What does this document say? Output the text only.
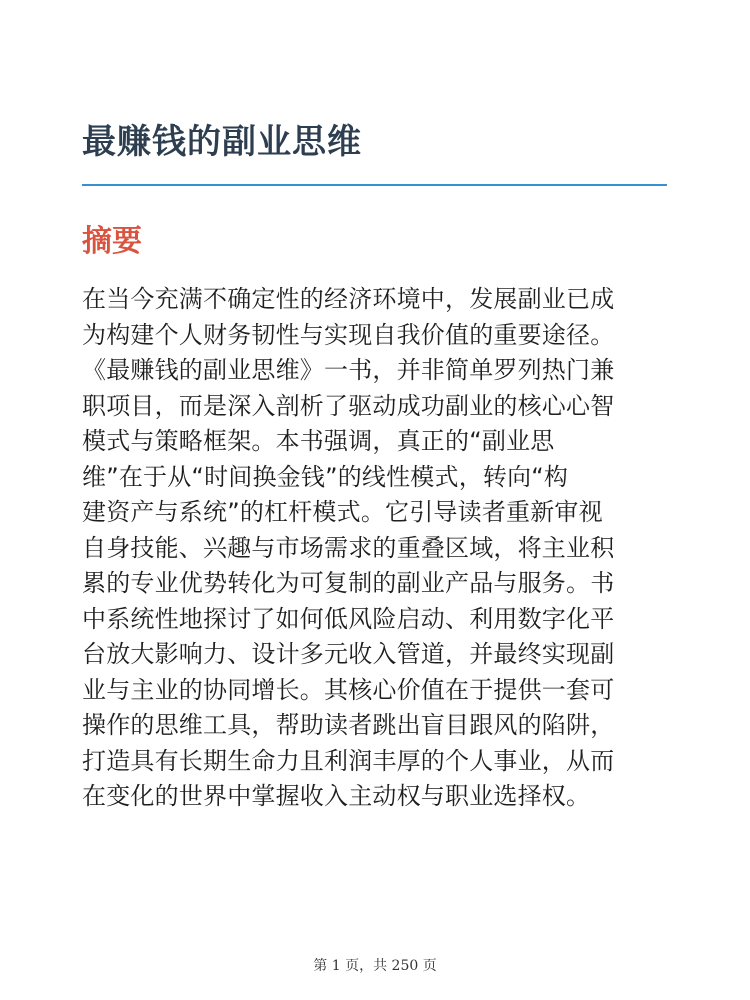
最赚钱的副业思维
摘要
在当今充满不确定性的经济环境中，发展副业已成
为构建个人财务韧性与实现自我价值的重要途径。
《最赚钱的副业思维》一书，并非简单罗列热门兼
职项目，而是深入剖析了驱动成功副业的核心心智
模式与策略框架。本书强调，真正的“副业思
维”在于从“时间换金钱”的线性模式，转向“构
建资产与系统”的杠杆模式。它引导读者重新审视
自身技能、兴趣与市场需求的重叠区域，将主业积
累的专业优势转化为可复制的副业产品与服务。书
中系统性地探讨了如何低风险启动、利用数字化平
台放大影响力、设计多元收入管道，并最终实现副
业与主业的协同增长。其核心价值在于提供一套可
操作的思维工具，帮助读者跳出盲目跟风的陷阱，
打造具有长期生命力且利润丰厚的个人事业，从而
在变化的世界中掌握收入主动权与职业选择权。
第 1 页，共 250 页
